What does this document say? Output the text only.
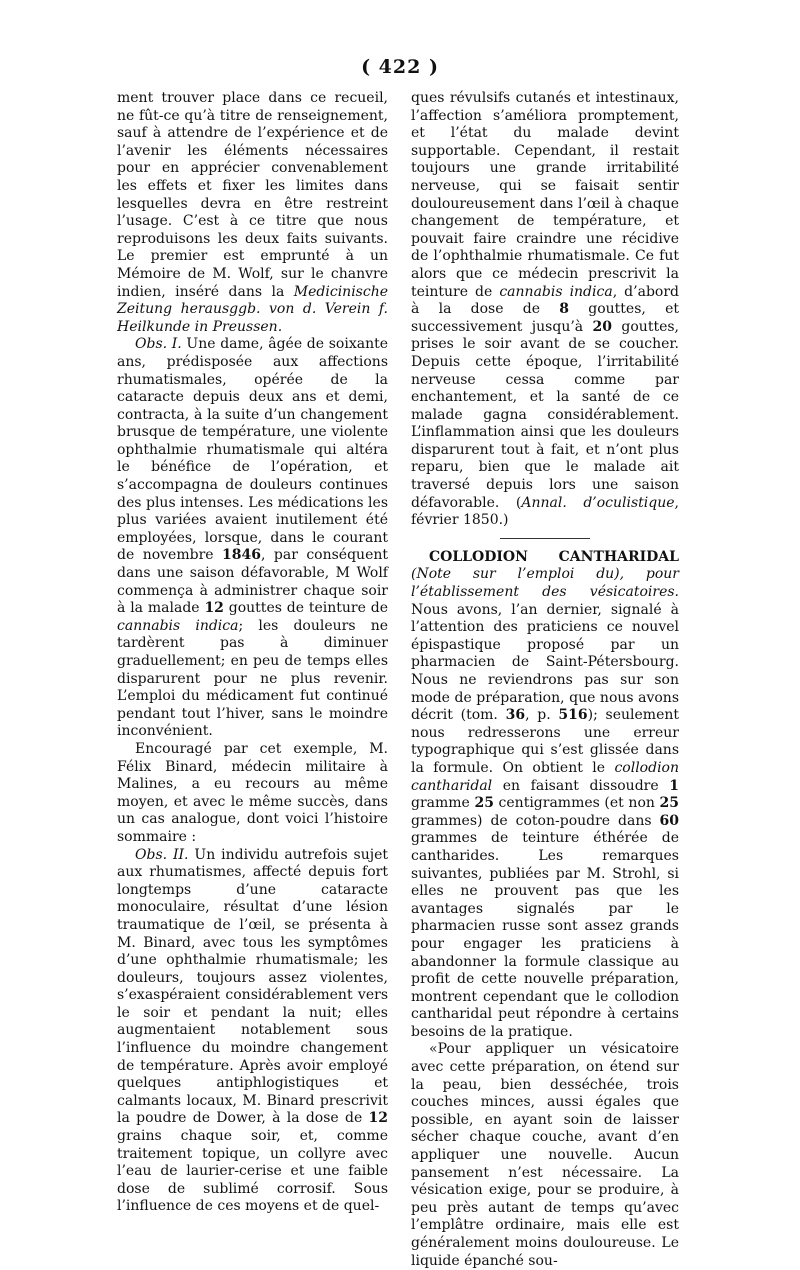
( 422 )

ment trouver place dans ce recueil, ne fût-ce qu’à titre de renseignement, sauf à attendre de l’expérience et de l’avenir les éléments nécessaires pour en apprécier convenablement les effets et fixer les limites dans lesquelles devra en être restreint l’usage. C’est à ce titre que nous reproduisons les deux faits suivants. Le premier est emprunté à un Mémoire de M. Wolf, sur le chanvre indien, inséré dans la Medicinische Zeitung herausggb. von d. Verein f. Heilkunde in Preussen.

Obs. I. Une dame, âgée de soixante ans, prédisposée aux affections rhumatismales, opérée de la cataracte depuis deux ans et demi, contracta, à la suite d’un changement brusque de température, une violente ophthalmie rhumatismale qui altéra le bénéfice de l’opération, et s’accompagna de douleurs continues des plus intenses. Les médications les plus variées avaient inutilement été employées, lorsque, dans le courant de novembre 1846, par conséquent dans une saison défavorable, M Wolf commença à administrer chaque soir à la malade 12 gouttes de teinture de cannabis indica; les douleurs ne tardèrent pas à diminuer graduellement; en peu de temps elles disparurent pour ne plus revenir. L’emploi du médicament fut continué pendant tout l’hiver, sans le moindre inconvénient.

Encouragé par cet exemple, M. Félix Binard, médecin militaire à Malines, a eu recours au même moyen, et avec le même succès, dans un cas analogue, dont voici l’histoire sommaire :

Obs. II. Un individu autrefois sujet aux rhumatismes, affecté depuis fort longtemps d’une cataracte monoculaire, résultat d’une lésion traumatique de l’œil, se présenta à M. Binard, avec tous les symptômes d’une ophthalmie rhumatismale; les douleurs, toujours assez violentes, s’exaspéraient considérablement vers le soir et pendant la nuit; elles augmentaient notablement sous l’influence du moindre changement de température. Après avoir employé quelques antiphlogistiques et calmants locaux, M. Binard prescrivit la poudre de Dower, à la dose de 12 grains chaque soir, et, comme traitement topique, un collyre avec l’eau de laurier-cerise et une faible dose de sublimé corrosif. Sous l’influence de ces moyens et de quel-

ques révulsifs cutanés et intestinaux, l’affection s’améliora promptement, et l’état du malade devint supportable. Cependant, il restait toujours une grande irritabilité nerveuse, qui se faisait sentir douloureusement dans l’œil à chaque changement de température, et pouvait faire craindre une récidive de l’ophthalmie rhumatismale. Ce fut alors que ce médecin prescrivit la teinture de cannabis indica, d’abord à la dose de 8 gouttes, et successivement jusqu’à 20 gouttes, prises le soir avant de se coucher. Depuis cette époque, l’irritabilité nerveuse cessa comme par enchantement, et la santé de ce malade gagna considérablement. L’inflammation ainsi que les douleurs disparurent tout à fait, et n’ont plus reparu, bien que le malade ait traversé depuis lors une saison défavorable. (Annal. d’oculistique, février 1850.)

COLLODION CANTHARIDAL (Note sur l’emploi du), pour l’établissement des vésicatoires. Nous avons, l’an dernier, signalé à l’attention des praticiens ce nouvel épispastique proposé par un pharmacien de Saint-Pétersbourg. Nous ne reviendrons pas sur son mode de préparation, que nous avons décrit (tom. 36, p. 516); seulement nous redresserons une erreur typographique qui s’est glissée dans la formule. On obtient le collodion cantharidal en faisant dissoudre 1 gramme 25 centigrammes (et non 25 grammes) de coton-poudre dans 60 grammes de teinture éthérée de cantharides. Les remarques suivantes, publiées par M. Strohl, si elles ne prouvent pas que les avantages signalés par le pharmacien russe sont assez grands pour engager les praticiens à abandonner la formule classique au profit de cette nouvelle préparation, montrent cependant que le collodion cantharidal peut répondre à certains besoins de la pratique.

«Pour appliquer un vésicatoire avec cette préparation, on étend sur la peau, bien desséchée, trois couches minces, aussi égales que possible, en ayant soin de laisser sécher chaque couche, avant d’en appliquer une nouvelle. Aucun pansement n’est nécessaire. La vésication exige, pour se produire, à peu près autant de temps qu’avec l’emplâtre ordinaire, mais elle est généralement moins douloureuse. Le liquide épanché sou-
